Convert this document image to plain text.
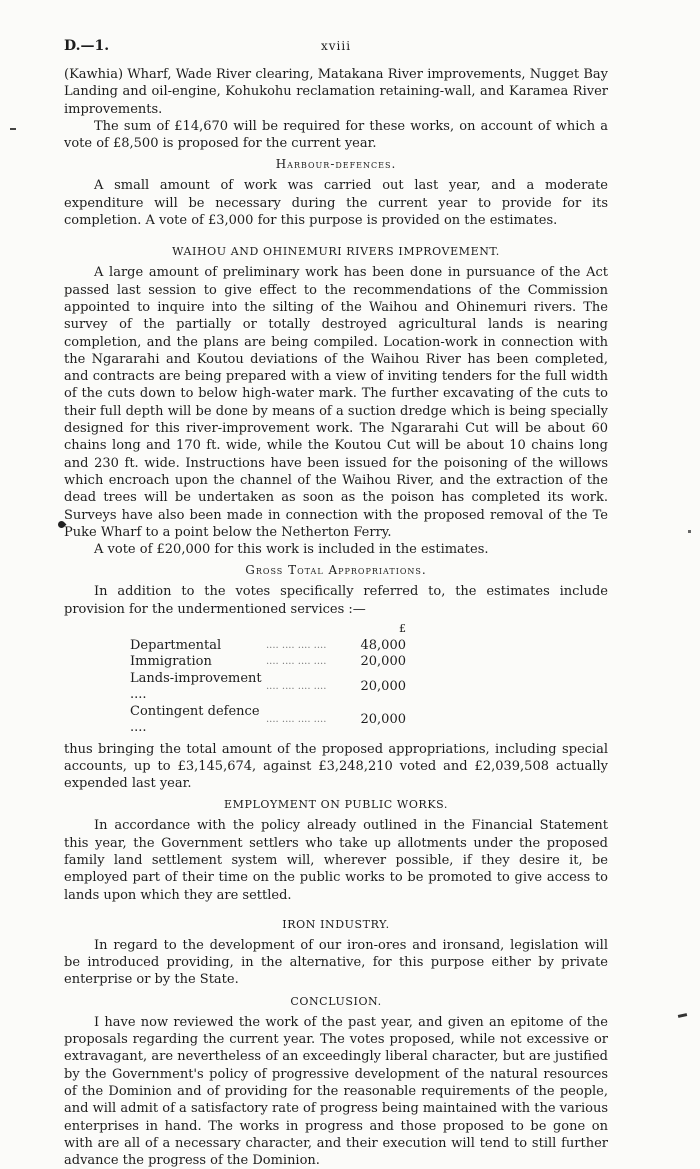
D.—1.	xviii

(Kawhia) Wharf, Wade River clearing, Matakana River improvements, Nugget Bay Landing and oil-engine, Kohukohu reclamation retaining-wall, and Karamea River improvements.

The sum of £14,670 will be required for these works, on account of which a vote of £8,500 is proposed for the current year.

Harbour-defences.

A small amount of work was carried out last year, and a moderate expenditure will be necessary during the current year to provide for its completion. A vote of £3,000 for this purpose is provided on the estimates.

WAIHOU AND OHINEMURI RIVERS IMPROVEMENT.

A large amount of preliminary work has been done in pursuance of the Act passed last session to give effect to the recommendations of the Commission appointed to inquire into the silting of the Waihou and Ohinemuri rivers. The survey of the partially or totally destroyed agricultural lands is nearing completion, and the plans are being compiled. Location-work in connection with the Ngararahi and Koutou deviations of the Waihou River has been completed, and contracts are being prepared with a view of inviting tenders for the full width of the cuts down to below high-water mark. The further excavating of the cuts to their full depth will be done by means of a suction dredge which is being specially designed for this river-improvement work. The Ngararahi Cut will be about 60 chains long and 170 ft. wide, while the Koutou Cut will be about 10 chains long and 230 ft. wide. Instructions have been issued for the poisoning of the willows which encroach upon the channel of the Waihou River, and the extraction of the dead trees will be undertaken as soon as the poison has completed its work. Surveys have also been made in connection with the proposed removal of the Te Puke Wharf to a point below the Netherton Ferry.

A vote of £20,000 for this work is included in the estimates.

Gross Total Appropriations.

In addition to the votes specifically referred to, the estimates include provision for the undermentioned services :—

		£
Departmental	.... .... .... ....	48,000
Immigration	.... .... .... ....	20,000
Lands-improvement ....	.... .... .... ....	20,000
Contingent defence ....	.... .... .... ....	20,000

thus bringing the total amount of the proposed appropriations, including special accounts, up to £3,145,674, against £3,248,210 voted and £2,039,508 actually expended last year.

EMPLOYMENT ON PUBLIC WORKS.

In accordance with the policy already outlined in the Financial Statement this year, the Government settlers who take up allotments under the proposed family land settlement system will, wherever possible, if they desire it, be employed part of their time on the public works to be promoted to give access to lands upon which they are settled.

IRON INDUSTRY.

In regard to the development of our iron-ores and ironsand, legislation will be introduced providing, in the alternative, for this purpose either by private enterprise or by the State.

CONCLUSION.

I have now reviewed the work of the past year, and given an epitome of the proposals regarding the current year. The votes proposed, while not excessive or extravagant, are nevertheless of an exceedingly liberal character, but are justified by the Government's policy of progressive development of the natural resources of the Dominion and of providing for the reasonable requirements of the people, and will admit of a satisfactory rate of progress being maintained with the various enterprises in hand. The works in progress and those proposed to be gone on with are all of a necessary character, and their execution will tend to still further advance the progress of the Dominion.
